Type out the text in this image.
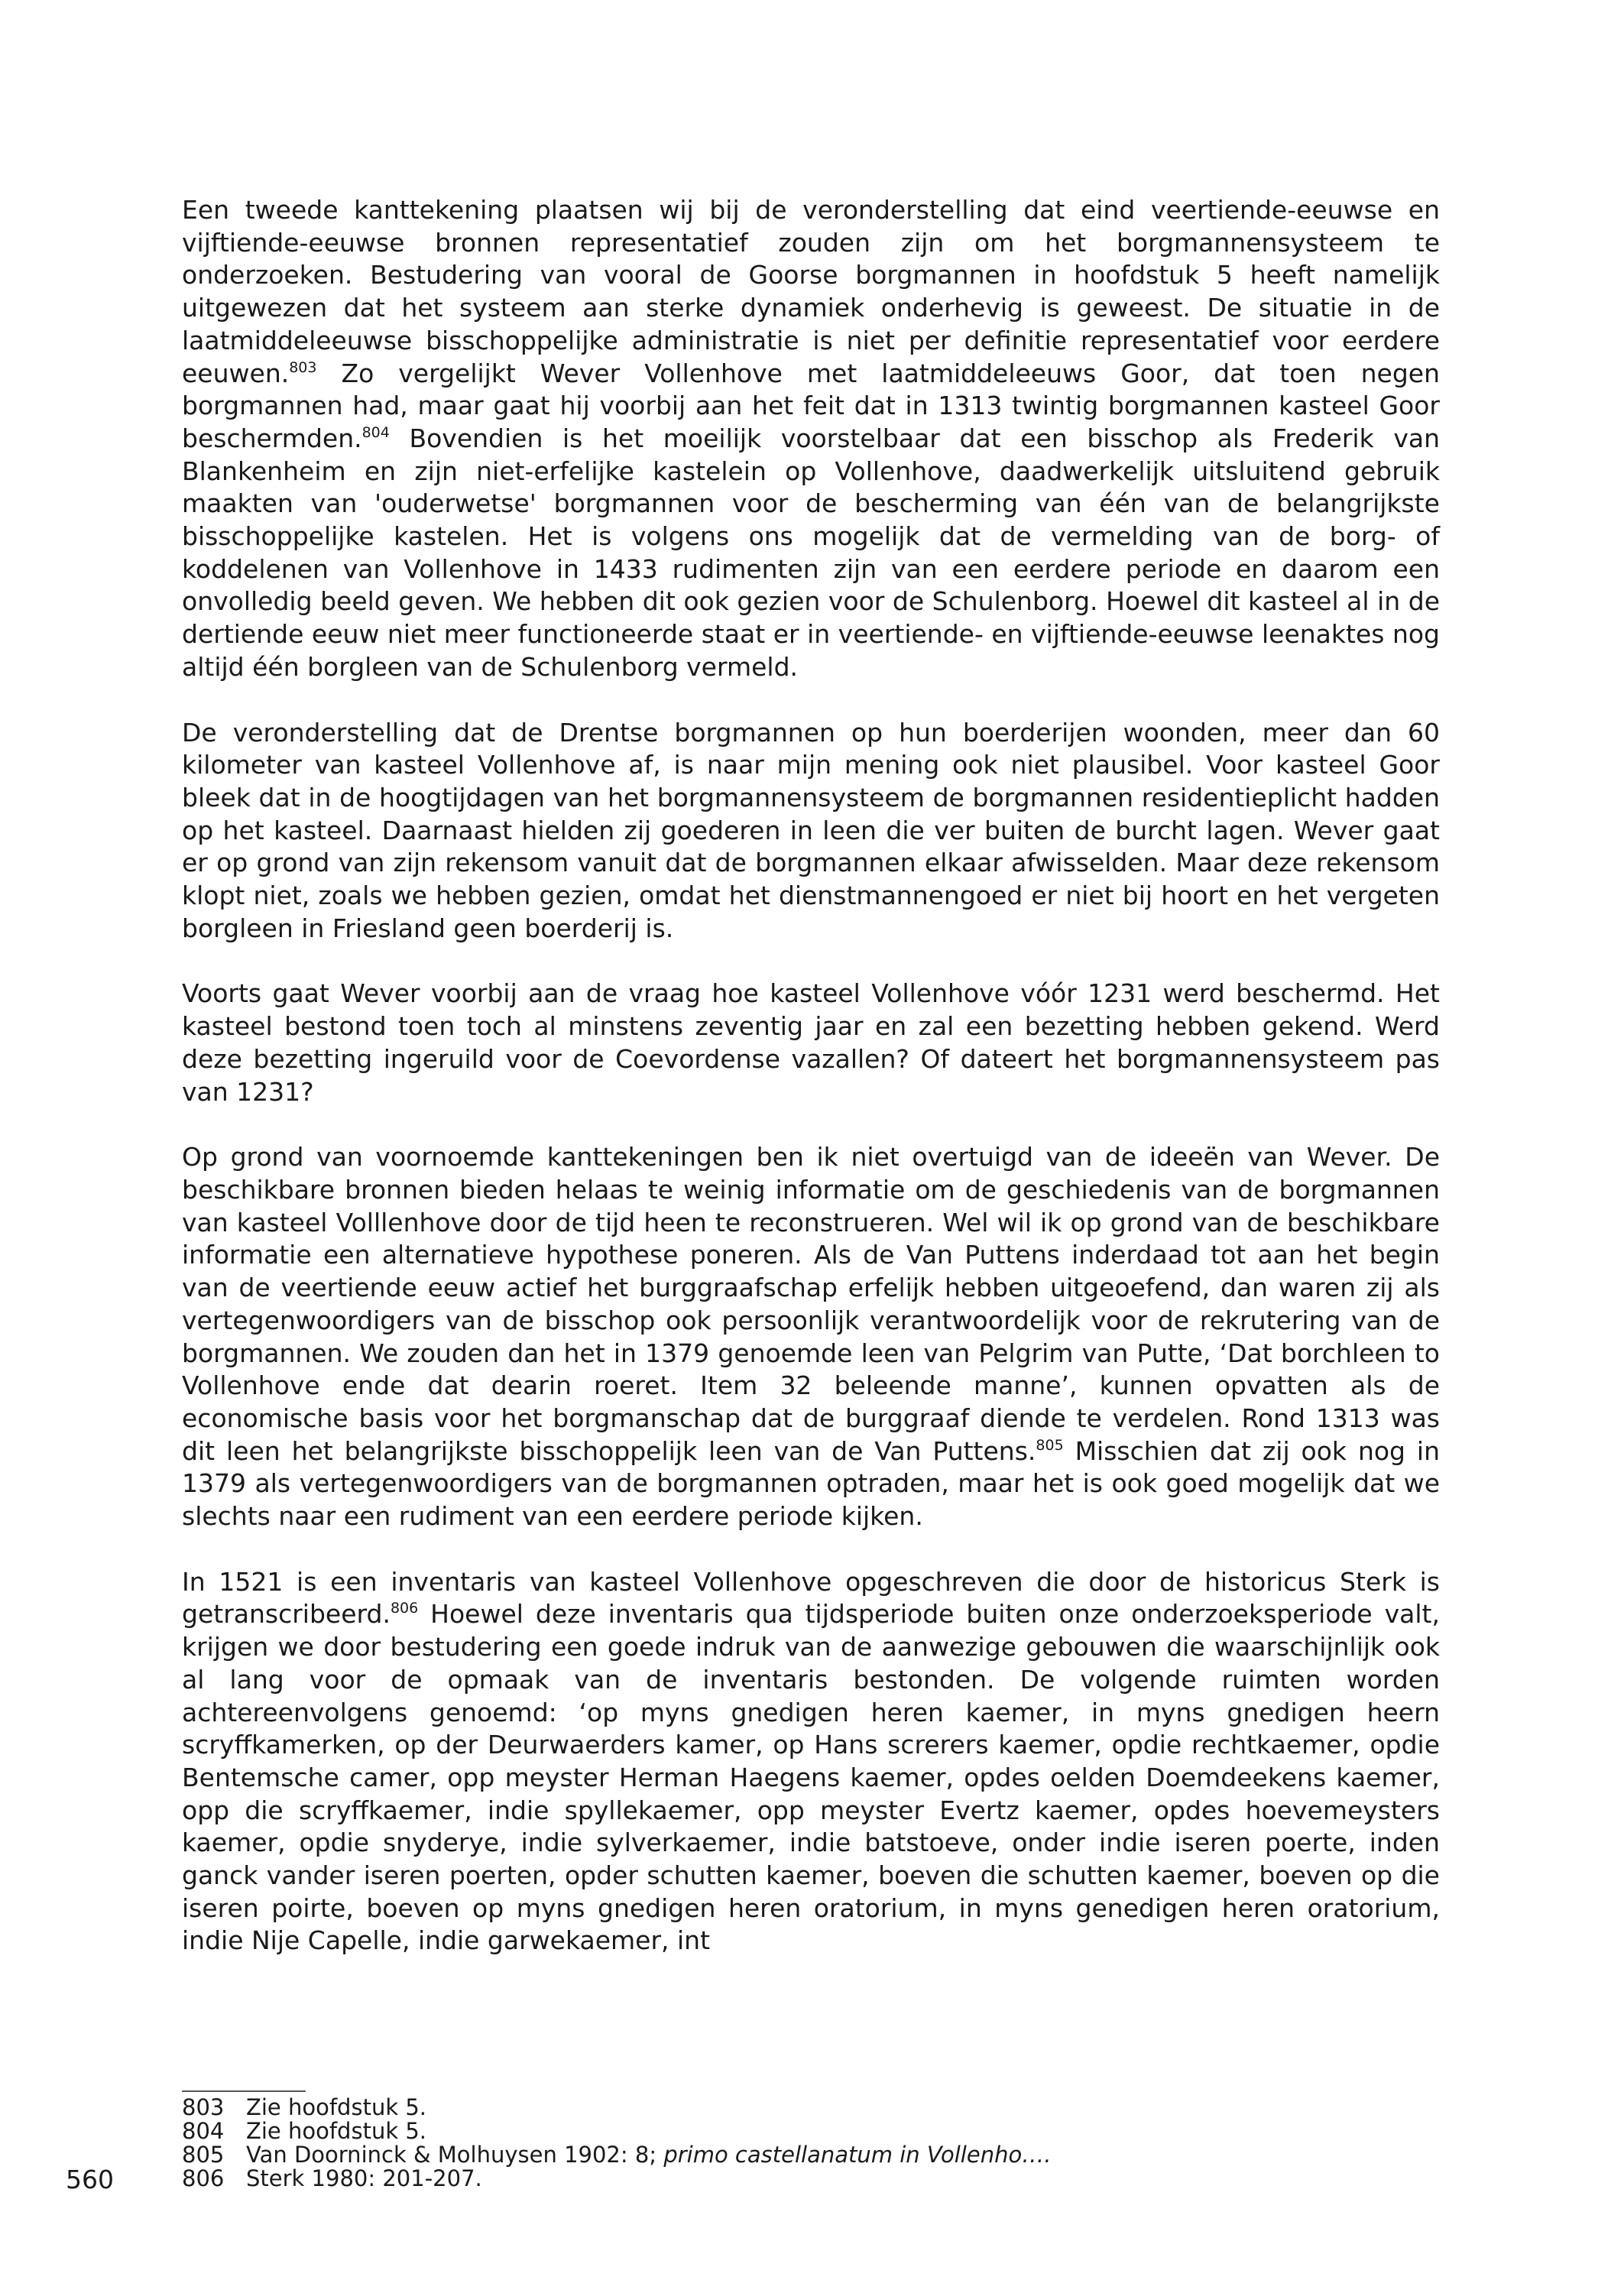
Een tweede kanttekening plaatsen wij bij de veronderstelling dat eind veertiende-eeuwse en vijftiende-eeuwse bronnen representatief zouden zijn om het borgmannensysteem te onderzoeken. Bestudering van vooral de Goorse borgmannen in hoofdstuk 5 heeft namelijk uitgewezen dat het systeem aan sterke dynamiek onderhevig is geweest. De situatie in de laatmiddeleeuwse bisschoppelijke administratie is niet per definitie representatief voor eerdere eeuwen.$^{803}$ Zo vergelijkt Wever Vollenhove met laatmiddeleeuws Goor, dat toen negen borgmannen had, maar gaat hij voorbij aan het feit dat in 1313 twintig borgmannen kasteel Goor beschermden.$^{804}$ Bovendien is het moeilijk voorstelbaar dat een bisschop als Frederik van Blankenheim en zijn niet-erfelijke kastelein op Vollenhove, daadwerkelijk uitsluitend gebruik maakten van 'ouderwetse' borgmannen voor de bescherming van één van de belangrijkste bisschoppelijke kastelen. Het is volgens ons mogelijk dat de vermelding van de borg- of koddelenen van Vollenhove in 1433 rudimenten zijn van een eerdere periode en daarom een onvolledig beeld geven. We hebben dit ook gezien voor de Schulenborg. Hoewel dit kasteel al in de dertiende eeuw niet meer functioneerde staat er in veertiende- en vijftiende-eeuwse leenaktes nog altijd één borgleen van de Schulenborg vermeld.

De veronderstelling dat de Drentse borgmannen op hun boerderijen woonden, meer dan 60 kilometer van kasteel Vollenhove af, is naar mijn mening ook niet plausibel. Voor kasteel Goor bleek dat in de hoogtijdagen van het borgmannensysteem de borgmannen residentieplicht hadden op het kasteel. Daarnaast hielden zij goederen in leen die ver buiten de burcht lagen. Wever gaat er op grond van zijn rekensom vanuit dat de borgmannen elkaar afwisselden. Maar deze rekensom klopt niet, zoals we hebben gezien, omdat het dienstmannengoed er niet bij hoort en het vergeten borgleen in Friesland geen boerderij is.

Voorts gaat Wever voorbij aan de vraag hoe kasteel Vollenhove vóór 1231 werd beschermd. Het kasteel bestond toen toch al minstens zeventig jaar en zal een bezetting hebben gekend. Werd deze bezetting ingeruild voor de Coevordense vazallen? Of dateert het borgmannensysteem pas van 1231?

Op grond van voornoemde kanttekeningen ben ik niet overtuigd van de ideeën van Wever. De beschikbare bronnen bieden helaas te weinig informatie om de geschiedenis van de borgmannen van kasteel Volllenhove door de tijd heen te reconstrueren. Wel wil ik op grond van de beschikbare informatie een alternatieve hypothese poneren. Als de Van Puttens inderdaad tot aan het begin van de veertiende eeuw actief het burggraafschap erfelijk hebben uitgeoefend, dan waren zij als vertegenwoordigers van de bisschop ook persoonlijk verantwoordelijk voor de rekrutering van de borgmannen. We zouden dan het in 1379 genoemde leen van Pelgrim van Putte, ‘Dat borchleen to Vollenhove ende dat dearin roeret. Item 32 beleende manne’, kunnen opvatten als de economische basis voor het borgmanschap dat de burggraaf diende te verdelen. Rond 1313 was dit leen het belangrijkste bisschoppelijk leen van de Van Puttens.$^{805}$ Misschien dat zij ook nog in 1379 als vertegenwoordigers van de borgmannen optraden, maar het is ook goed mogelijk dat we slechts naar een rudiment van een eerdere periode kijken.

In 1521 is een inventaris van kasteel Vollenhove opgeschreven die door de historicus Sterk is getranscribeerd.$^{806}$ Hoewel deze inventaris qua tijdsperiode buiten onze onderzoeksperiode valt, krijgen we door bestudering een goede indruk van de aanwezige gebouwen die waarschijnlijk ook al lang voor de opmaak van de inventaris bestonden. De volgende ruimten worden achtereenvolgens genoemd: ‘op myns gnedigen heren kaemer, in myns gnedigen heern scryffkamerken, op der Deurwaerders kamer, op Hans screrers kaemer, opdie rechtkaemer, opdie Bentemsche camer, opp meyster Herman Haegens kaemer, opdes oelden Doemdeekens kaemer, opp die scryffkaemer, indie spyllekaemer, opp meyster Evertz kaemer, opdes hoevemeysters kaemer, opdie snyderye, indie sylverkaemer, indie batstoeve, onder indie iseren poerte, inden ganck vander iseren poerten, opder schutten kaemer, boeven die schutten kaemer, boeven op die iseren poirte, boeven op myns gnedigen heren oratorium, in myns genedigen heren oratorium, indie Nije Capelle, indie garwekaemer, int

803 Zie hoofdstuk 5.
804 Zie hoofdstuk 5.
805 Van Doorninck & Molhuysen 1902: 8; primo castellanatum in Vollenho….
806 Sterk 1980: 201-207.
560
